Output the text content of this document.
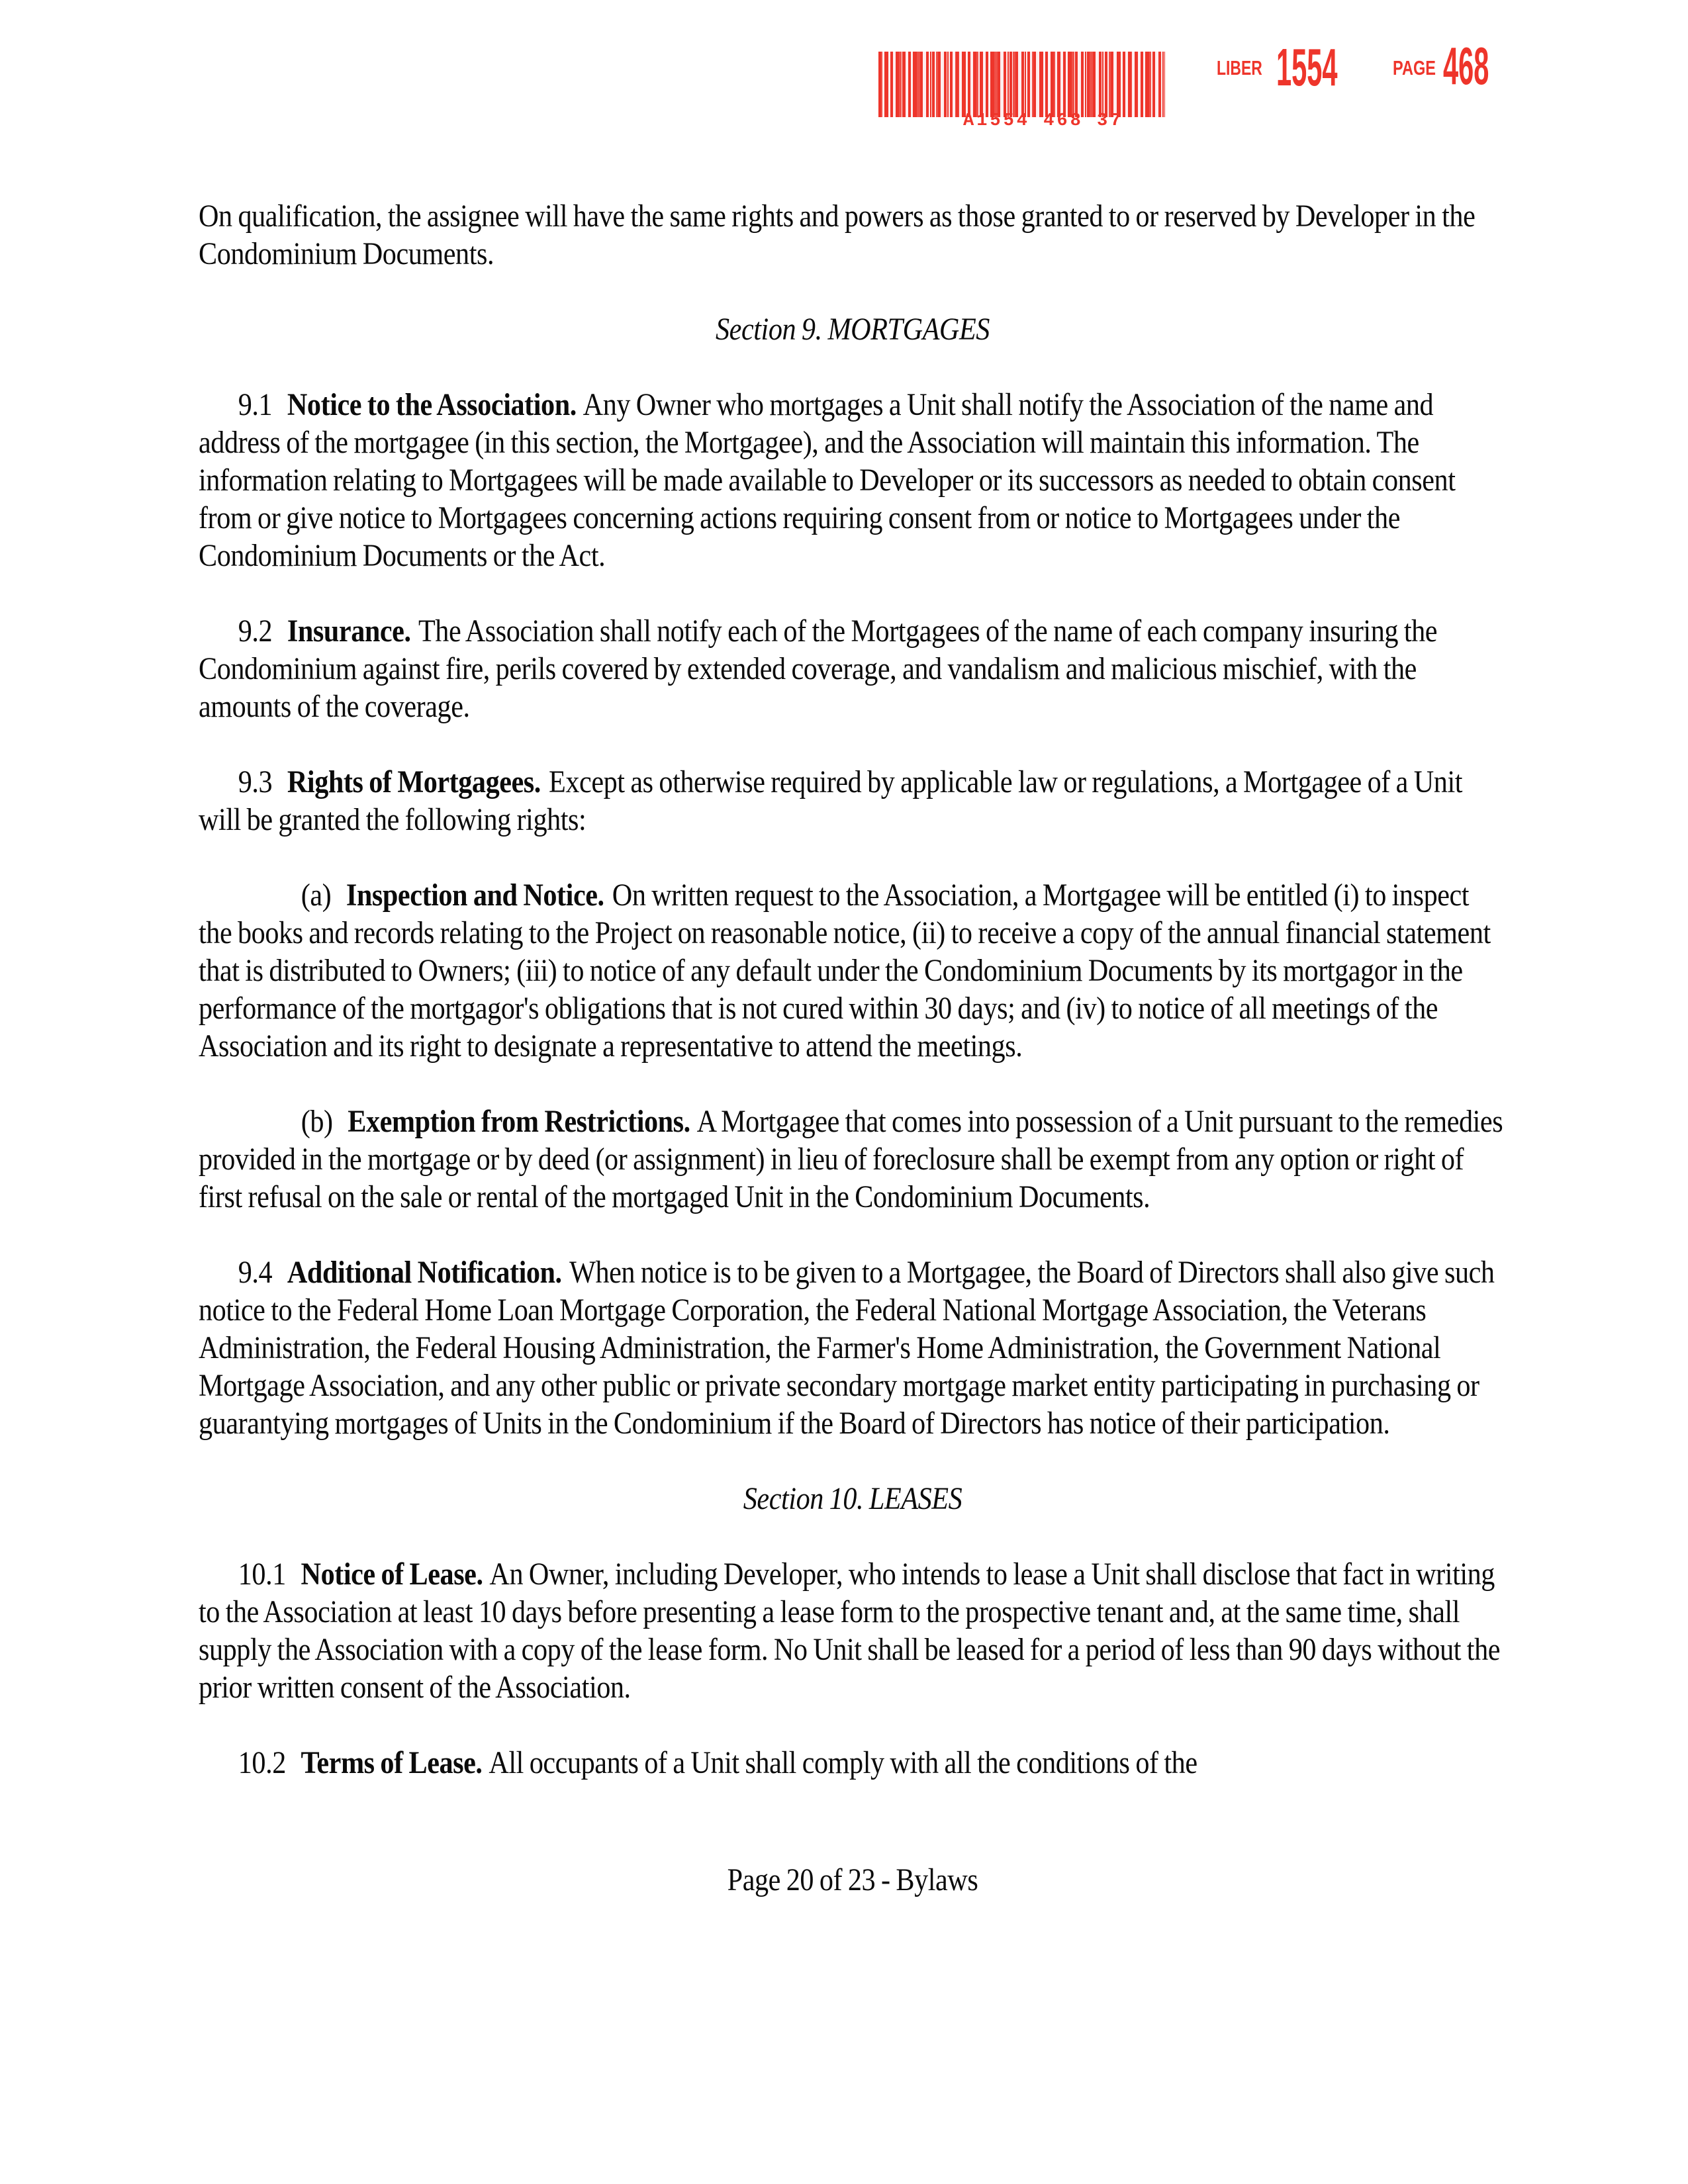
A1554 468 37
LIBER 1554	PAGE 468

On qualification, the assignee will have the same rights and powers as those granted to or reserved by Developer in the Condominium Documents.

Section 9. MORTGAGES

9.1 Notice to the Association. Any Owner who mortgages a Unit shall notify the Association of the name and address of the mortgagee (in this section, the Mortgagee), and the Association will maintain this information. The information relating to Mortgagees will be made available to Developer or its successors as needed to obtain consent from or give notice to Mortgagees concerning actions requiring consent from or notice to Mortgagees under the Condominium Documents or the Act.

9.2 Insurance. The Association shall notify each of the Mortgagees of the name of each company insuring the Condominium against fire, perils covered by extended coverage, and vandalism and malicious mischief, with the amounts of the coverage.

9.3 Rights of Mortgagees. Except as otherwise required by applicable law or regulations, a Mortgagee of a Unit will be granted the following rights:

(a) Inspection and Notice. On written request to the Association, a Mortgagee will be entitled (i) to inspect the books and records relating to the Project on reasonable notice, (ii) to receive a copy of the annual financial statement that is distributed to Owners; (iii) to notice of any default under the Condominium Documents by its mortgagor in the performance of the mortgagor's obligations that is not cured within 30 days; and (iv) to notice of all meetings of the Association and its right to designate a representative to attend the meetings.

(b) Exemption from Restrictions. A Mortgagee that comes into possession of a Unit pursuant to the remedies provided in the mortgage or by deed (or assignment) in lieu of foreclosure shall be exempt from any option or right of first refusal on the sale or rental of the mortgaged Unit in the Condominium Documents.

9.4 Additional Notification. When notice is to be given to a Mortgagee, the Board of Directors shall also give such notice to the Federal Home Loan Mortgage Corporation, the Federal National Mortgage Association, the Veterans Administration, the Federal Housing Administration, the Farmer's Home Administration, the Government National Mortgage Association, and any other public or private secondary mortgage market entity participating in purchasing or guarantying mortgages of Units in the Condominium if the Board of Directors has notice of their participation.

Section 10. LEASES

10.1 Notice of Lease. An Owner, including Developer, who intends to lease a Unit shall disclose that fact in writing to the Association at least 10 days before presenting a lease form to the prospective tenant and, at the same time, shall supply the Association with a copy of the lease form. No Unit shall be leased for a period of less than 90 days without the prior written consent of the Association.

10.2 Terms of Lease. All occupants of a Unit shall comply with all the conditions of the

Page 20 of 23 - Bylaws
